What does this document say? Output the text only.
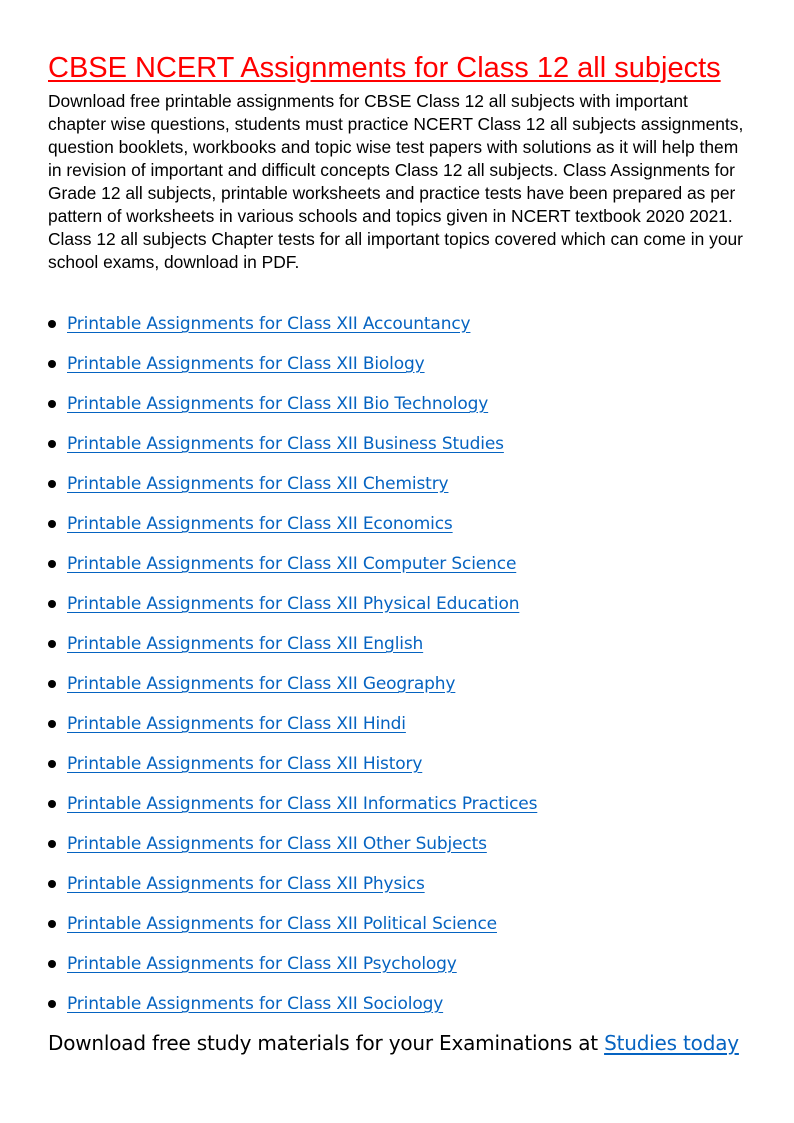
CBSE NCERT Assignments for Class 12 all subjects

Download free printable assignments for CBSE Class 12 all subjects with important chapter wise questions, students must practice NCERT Class 12 all subjects assignments, question booklets, workbooks and topic wise test papers with solutions as it will help them in revision of important and difficult concepts Class 12 all subjects. Class Assignments for Grade 12 all subjects, printable worksheets and practice tests have been prepared as per pattern of worksheets in various schools and topics given in NCERT textbook 2020 2021. Class 12 all subjects Chapter tests for all important topics covered which can come in your school exams, download in PDF.

Printable Assignments for Class XII Accountancy
Printable Assignments for Class XII Biology
Printable Assignments for Class XII Bio Technology
Printable Assignments for Class XII Business Studies
Printable Assignments for Class XII Chemistry
Printable Assignments for Class XII Economics
Printable Assignments for Class XII Computer Science
Printable Assignments for Class XII Physical Education
Printable Assignments for Class XII English
Printable Assignments for Class XII Geography
Printable Assignments for Class XII Hindi
Printable Assignments for Class XII History
Printable Assignments for Class XII Informatics Practices
Printable Assignments for Class XII Other Subjects
Printable Assignments for Class XII Physics
Printable Assignments for Class XII Political Science
Printable Assignments for Class XII Psychology
Printable Assignments for Class XII Sociology

Download free study materials for your Examinations at Studies today
